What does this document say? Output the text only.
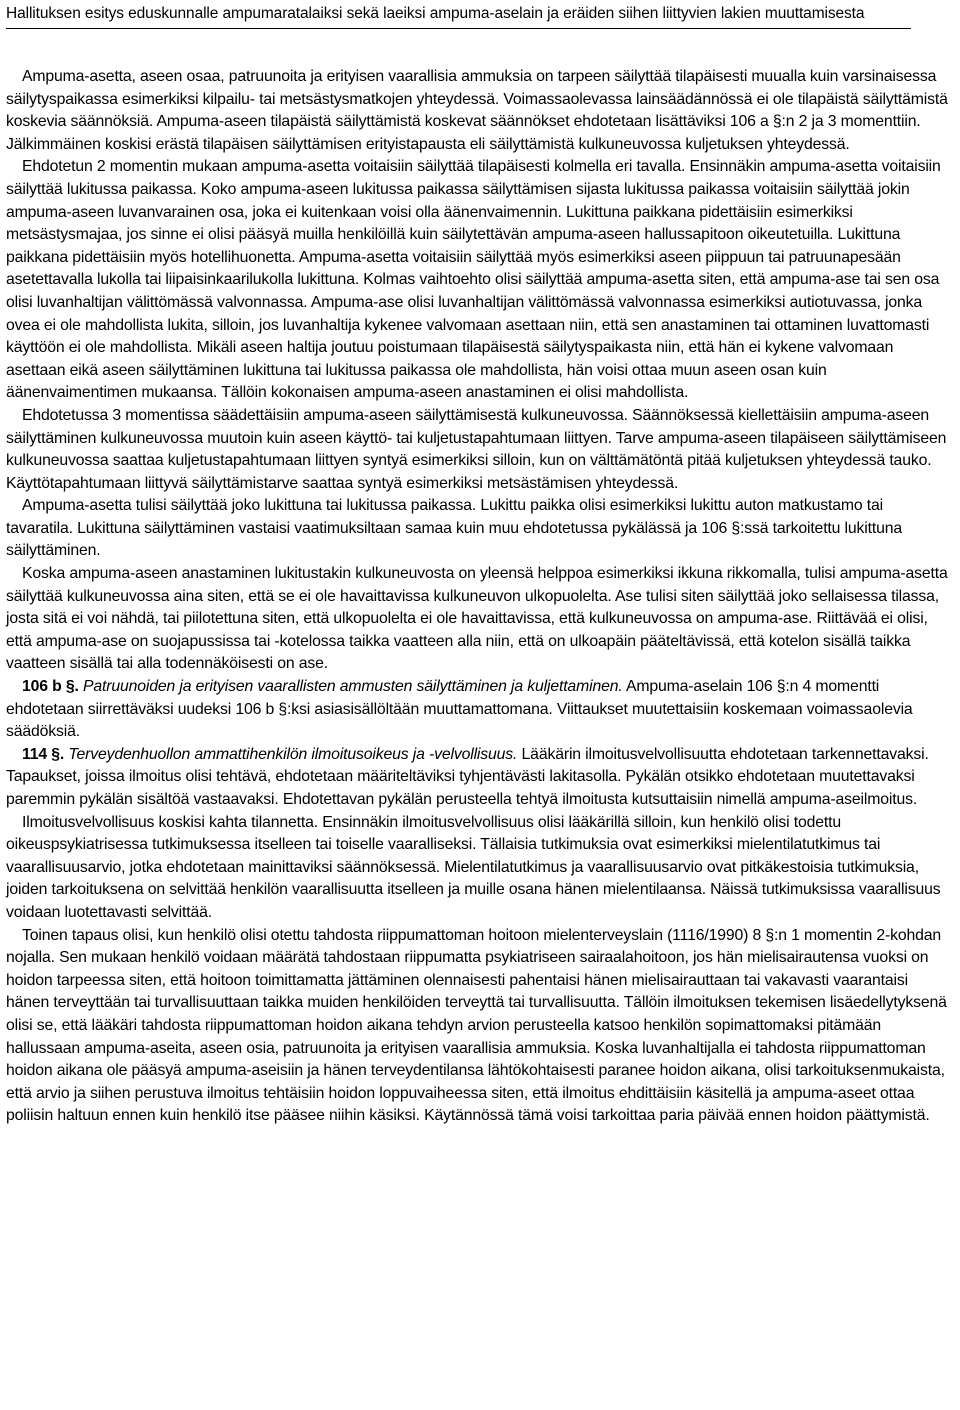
Hallituksen esitys eduskunnalle ampumaratalaiksi sekä laeiksi ampuma-aselain ja eräiden siihen liittyvien lakien muuttamisesta

Ampuma-asetta, aseen osaa, patruunoita ja erityisen vaarallisia ammuksia on tarpeen säilyttää tilapäisesti muualla kuin varsinaisessa säilytyspaikassa esimerkiksi kilpailu- tai metsästysmatkojen yhteydessä. Voimassaolevassa lainsäädännössä ei ole tilapäistä säilyttämistä koskevia säännöksiä. Ampuma-aseen tilapäistä säilyttämistä koskevat säännökset ehdotetaan lisättäviksi 106 a §:n 2 ja 3 momenttiin. Jälkimmäinen koskisi erästä tilapäisen säilyttämisen erityistapausta eli säilyttämistä kulkuneuvossa kuljetuksen yhteydessä.

Ehdotetun 2 momentin mukaan ampuma-asetta voitaisiin säilyttää tilapäisesti kolmella eri tavalla. Ensinnäkin ampuma-asetta voitaisiin säilyttää lukitussa paikassa. Koko ampuma-aseen lukitussa paikassa säilyttämisen sijasta lukitussa paikassa voitaisiin säilyttää jokin ampuma-aseen luvanvarainen osa, joka ei kuitenkaan voisi olla äänenvaimennin. Lukittuna paikkana pidettäisiin esimerkiksi metsästysmajaa, jos sinne ei olisi pääsyä muilla henkilöillä kuin säilytettävän ampuma-aseen hallussapitoon oikeutetuilla. Lukittuna paikkana pidettäisiin myös hotellihuonetta. Ampuma-asetta voitaisiin säilyttää myös esimerkiksi aseen piippuun tai patruunapesään asetettavalla lukolla tai liipaisinkaarilukolla lukittuna. Kolmas vaihtoehto olisi säilyttää ampuma-asetta siten, että ampuma-ase tai sen osa olisi luvanhaltijan välittömässä valvonnassa. Ampuma-ase olisi luvanhaltijan välittömässä valvonnassa esimerkiksi autiotuvassa, jonka ovea ei ole mahdollista lukita, silloin, jos luvanhaltija kykenee valvomaan asettaan niin, että sen anastaminen tai ottaminen luvattomasti käyttöön ei ole mahdollista. Mikäli aseen haltija joutuu poistumaan tilapäisestä säilytyspaikasta niin, että hän ei kykene valvomaan asettaan eikä aseen säilyttäminen lukittuna tai lukitussa paikassa ole mahdollista, hän voisi ottaa muun aseen osan kuin äänenvaimentimen mukaansa. Tällöin kokonaisen ampuma-aseen anastaminen ei olisi mahdollista.

Ehdotetussa 3 momentissa säädettäisiin ampuma-aseen säilyttämisestä kulkuneuvossa. Säännöksessä kiellettäisiin ampuma-aseen säilyttäminen kulkuneuvossa muutoin kuin aseen käyttö- tai kuljetustapahtumaan liittyen. Tarve ampuma-aseen tilapäiseen säilyttämiseen kulkuneuvossa saattaa kuljetustapahtumaan liittyen syntyä esimerkiksi silloin, kun on välttämätöntä pitää kuljetuksen yhteydessä tauko. Käyttötapahtumaan liittyvä säilyttämistarve saattaa syntyä esimerkiksi metsästämisen yhteydessä.

Ampuma-asetta tulisi säilyttää joko lukittuna tai lukitussa paikassa. Lukittu paikka olisi esimerkiksi lukittu auton matkustamo tai tavaratila. Lukittuna säilyttäminen vastaisi vaatimuksiltaan samaa kuin muu ehdotetussa pykälässä ja 106 §:ssä tarkoitettu lukittuna säilyttäminen.

Koska ampuma-aseen anastaminen lukitustakin kulkuneuvosta on yleensä helppoa esimerkiksi ikkuna rikkomalla, tulisi ampuma-asetta säilyttää kulkuneuvossa aina siten, että se ei ole havaittavissa kulkuneuvon ulkopuolelta. Ase tulisi siten säilyttää joko sellaisessa tilassa, josta sitä ei voi nähdä, tai piilotettuna siten, että ulkopuolelta ei ole havaittavissa, että kulkuneuvossa on ampuma-ase. Riittävää ei olisi, että ampuma-ase on suojapussissa tai -kotelossa taikka vaatteen alla niin, että on ulkoapäin pääteltävissä, että kotelon sisällä taikka vaatteen sisällä tai alla todennäköisesti on ase.

106 b §. Patruunoiden ja erityisen vaarallisten ammusten säilyttäminen ja kuljettaminen. Ampuma-aselain 106 §:n 4 momentti ehdotetaan siirrettäväksi uudeksi 106 b §:ksi asiasisällöltään muuttamattomana. Viittaukset muutettaisiin koskemaan voimassaolevia säädöksiä.

114 §. Terveydenhuollon ammattihenkilön ilmoitusoikeus ja -velvollisuus. Lääkärin ilmoitusvelvollisuutta ehdotetaan tarkennettavaksi. Tapaukset, joissa ilmoitus olisi tehtävä, ehdotetaan määriteltäviksi tyhjentävästi lakitasolla. Pykälän otsikko ehdotetaan muutettavaksi paremmin pykälän sisältöä vastaavaksi. Ehdotettavan pykälän perusteella tehtyä ilmoitusta kutsuttaisiin nimellä ampuma-aseilmoitus.

Ilmoitusvelvollisuus koskisi kahta tilannetta. Ensinnäkin ilmoitusvelvollisuus olisi lääkärillä silloin, kun henkilö olisi todettu oikeuspsykiatrisessa tutkimuksessa itselleen tai toiselle vaaralliseksi. Tällaisia tutkimuksia ovat esimerkiksi mielentilatutkimus tai vaarallisuusarvio, jotka ehdotetaan mainittaviksi säännöksessä. Mielentilatutkimus ja vaarallisuusarvio ovat pitkäkestoisia tutkimuksia, joiden tarkoituksena on selvittää henkilön vaarallisuutta itselleen ja muille osana hänen mielentilaansa. Näissä tutkimuksissa vaarallisuus voidaan luotettavasti selvittää.

Toinen tapaus olisi, kun henkilö olisi otettu tahdosta riippumattoman hoitoon mielenterveyslain (1116/1990) 8 §:n 1 momentin 2-kohdan nojalla. Sen mukaan henkilö voidaan määrätä tahdostaan riippumatta psykiatriseen sairaalahoitoon, jos hän mielisairautensa vuoksi on hoidon tarpeessa siten, että hoitoon toimittamatta jättäminen olennaisesti pahentaisi hänen mielisairauttaan tai vakavasti vaarantaisi hänen terveyttään tai turvallisuuttaan taikka muiden henkilöiden terveyttä tai turvallisuutta. Tällöin ilmoituksen tekemisen lisäedellytyksenä olisi se, että lääkäri tahdosta riippumattoman hoidon aikana tehdyn arvion perusteella katsoo henkilön sopimattomaksi pitämään hallussaan ampuma-aseita, aseen osia, patruunoita ja erityisen vaarallisia ammuksia. Koska luvanhaltijalla ei tahdosta riippumattoman hoidon aikana ole pääsyä ampuma-aseisiin ja hänen terveydentilansa lähtökohtaisesti paranee hoidon aikana, olisi tarkoituksenmukaista, että arvio ja siihen perustuva ilmoitus tehtäisiin hoidon loppuvaiheessa siten, että ilmoitus ehdittäisiin käsitellä ja ampuma-aseet ottaa poliisin haltuun ennen kuin henkilö itse pääsee niihin käsiksi. Käytännössä tämä voisi tarkoittaa paria päivää ennen hoidon päättymistä.
